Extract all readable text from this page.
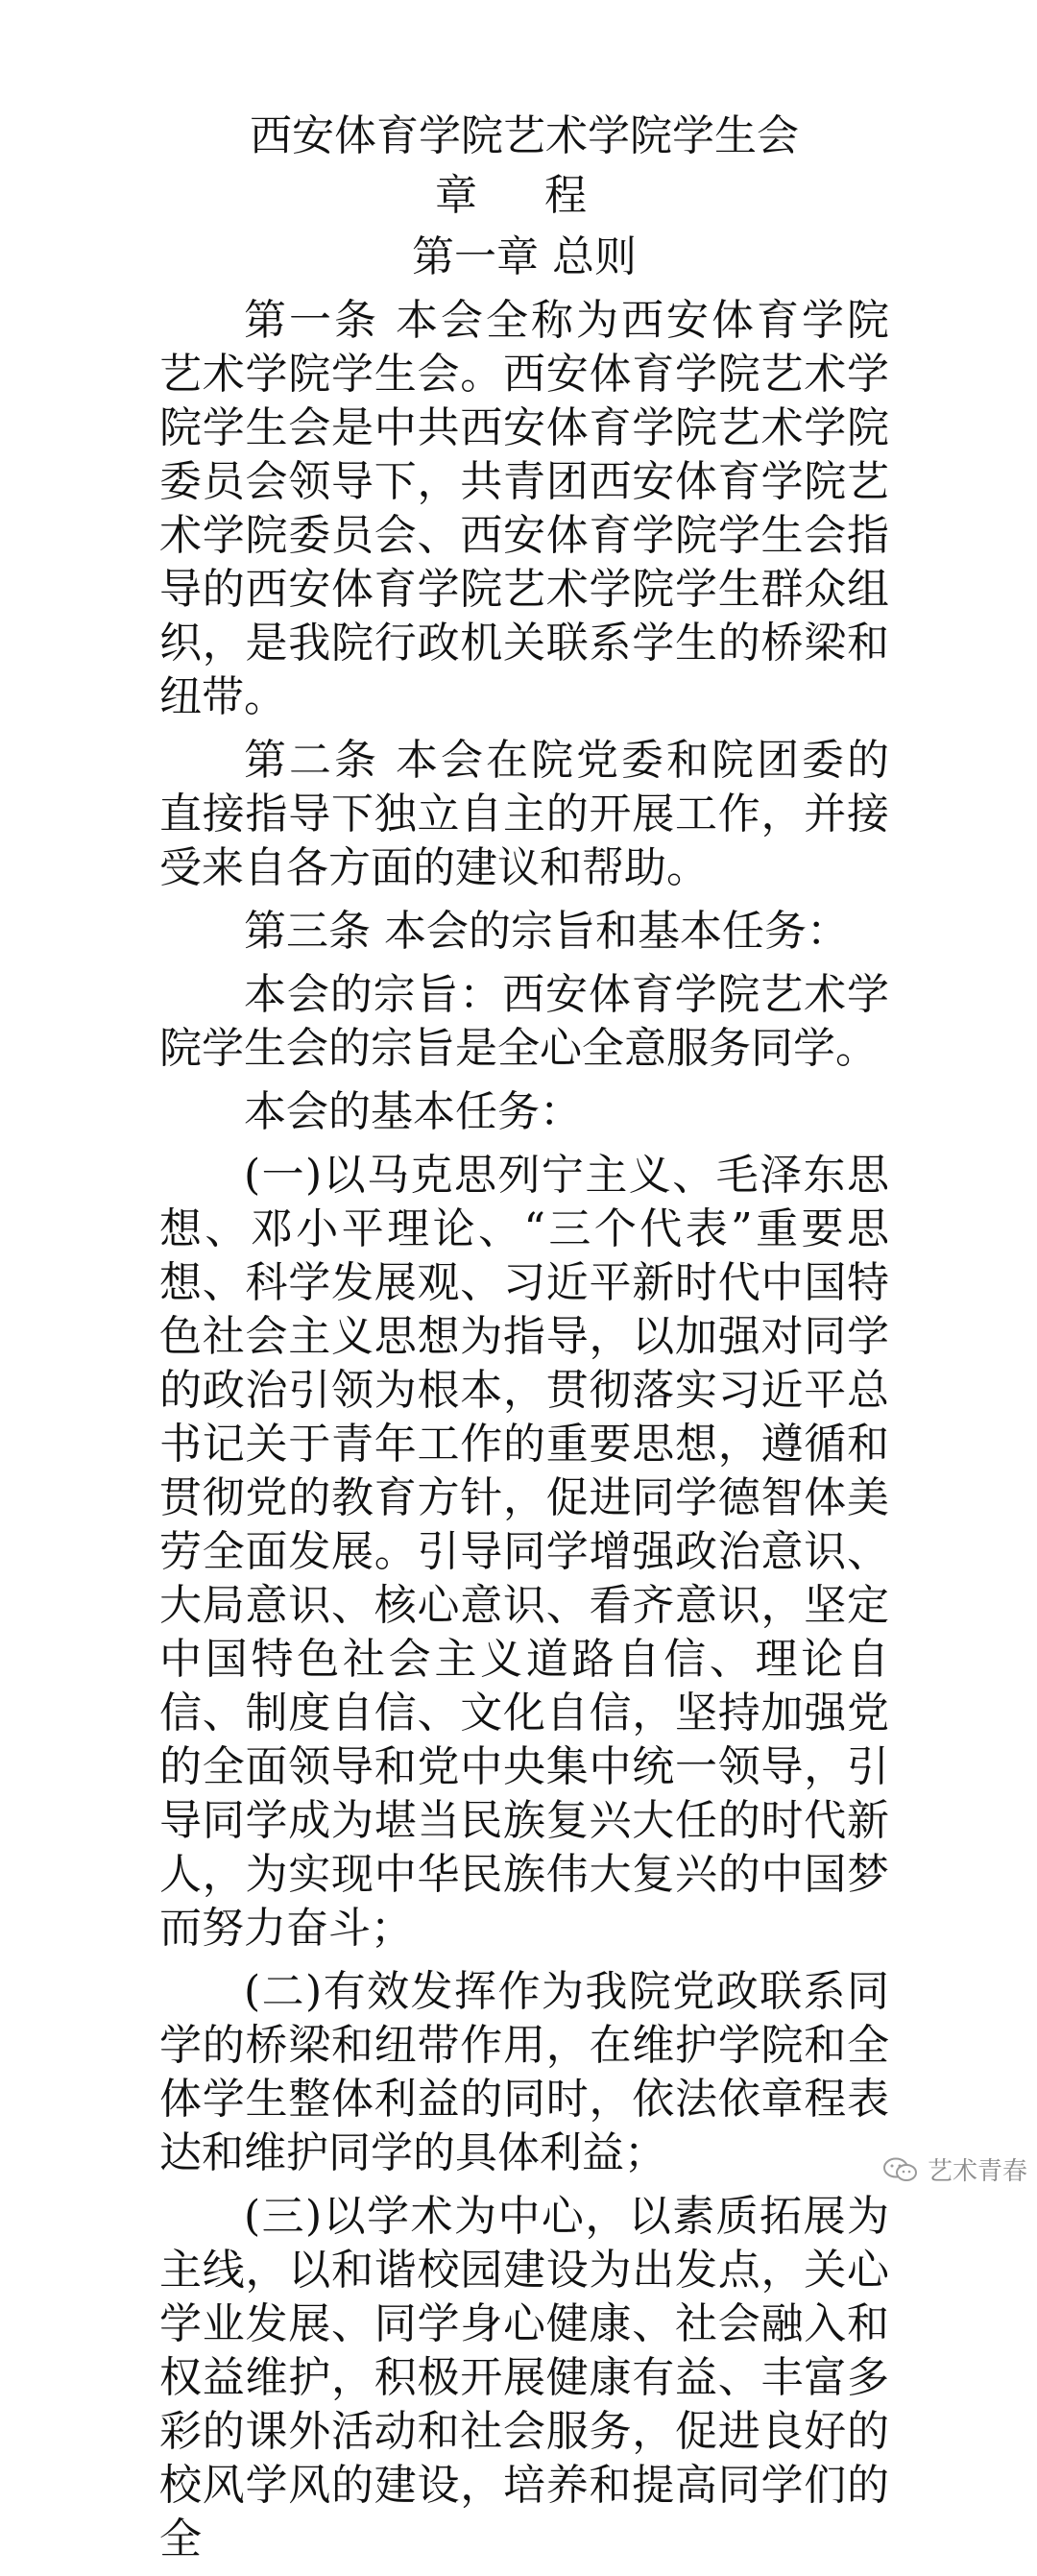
西安体育学院艺术学院学生会
章 程
第一章 总则

第一条 本会全称为西安体育学院艺术学院学生会。西安体育学院艺术学院学生会是中共西安体育学院艺术学院委员会领导下，共青团西安体育学院艺术学院委员会、西安体育学院学生会指导的西安体育学院艺术学院学生群众组织，是我院行政机关联系学生的桥梁和纽带。

第二条 本会在院党委和院团委的直接指导下独立自主的开展工作，并接受来自各方面的建议和帮助。

第三条 本会的宗旨和基本任务：

本会的宗旨：西安体育学院艺术学院学生会的宗旨是全心全意服务同学。

本会的基本任务：

(一)以马克思列宁主义、毛泽东思想、邓小平理论、“三个代表”重要思想、科学发展观、习近平新时代中国特色社会主义思想为指导，以加强对同学的政治引领为根本，贯彻落实习近平总书记关于青年工作的重要思想，遵循和贯彻党的教育方针，促进同学德智体美劳全面发展。引导同学增强政治意识、大局意识、核心意识、看齐意识，坚定中国特色社会主义道路自信、理论自信、制度自信、文化自信，坚持加强党的全面领导和党中央集中统一领导，引导同学成为堪当民族复兴大任的时代新人，为实现中华民族伟大复兴的中国梦而努力奋斗；

(二)有效发挥作为我院党政联系同学的桥梁和纽带作用，在维护学院和全体学生整体利益的同时，依法依章程表达和维护同学的具体利益；

(三)以学术为中心，以素质拓展为主线，以和谐校园建设为出发点，关心学业发展、同学身心健康、社会融入和权益维护，积极开展健康有益、丰富多彩的课外活动和社会服务，促进良好的校风学风的建设，培养和提高同学们的全

艺术青春
